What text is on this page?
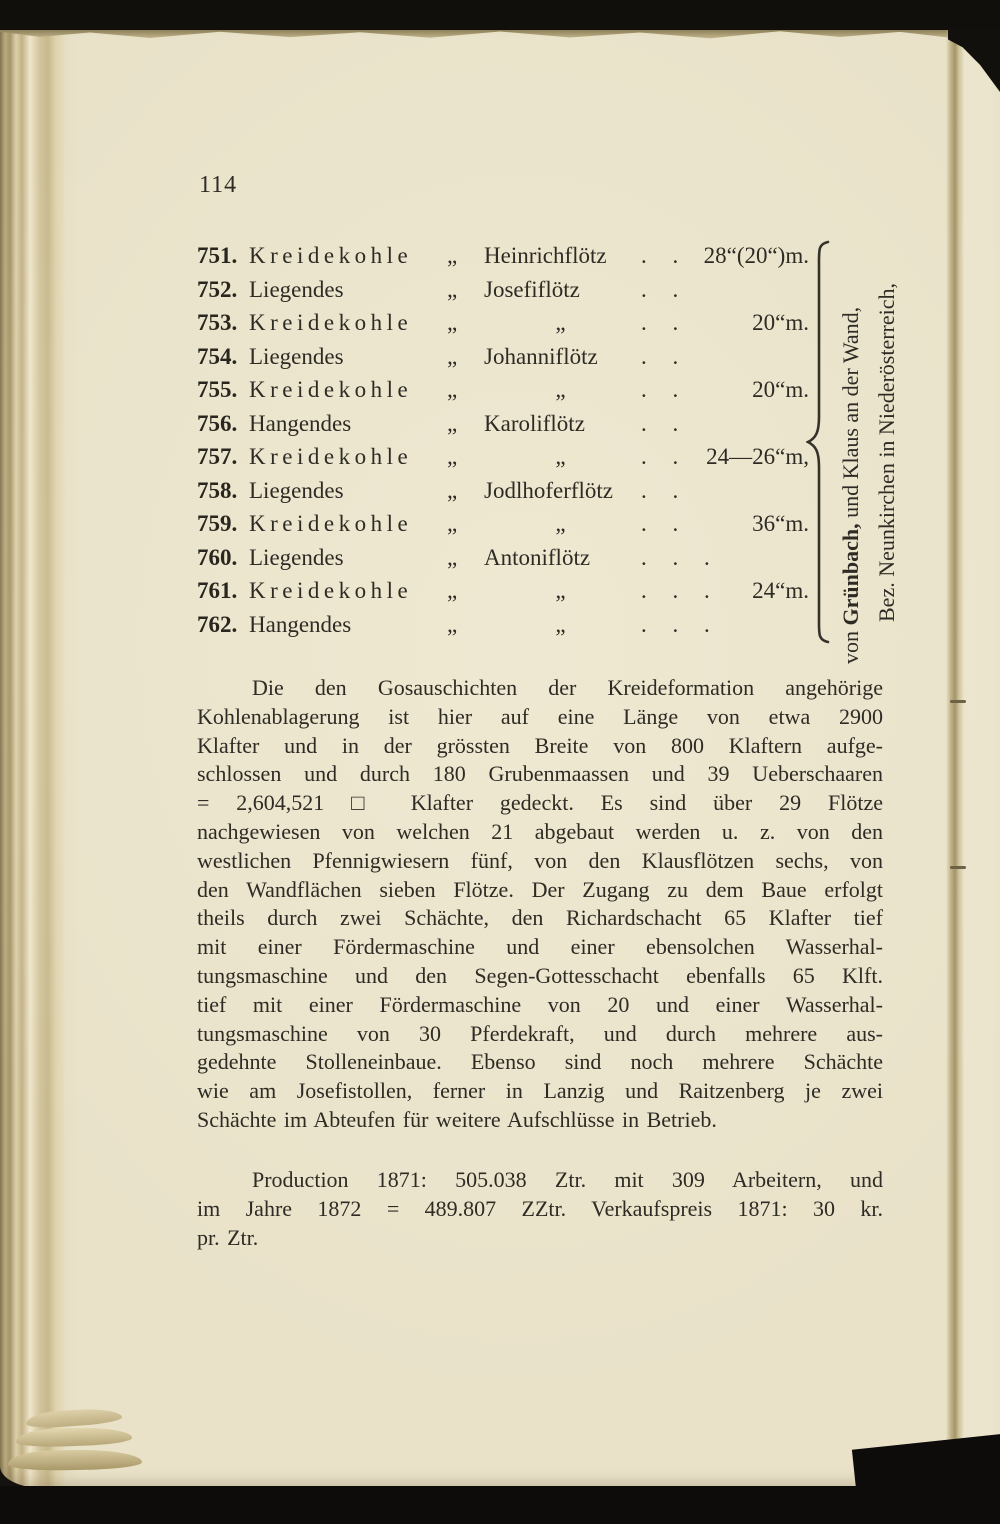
114
751. Kreidekohle	„	Heinrichflötz	. .	28“(20“)m.
752. Liegendes	„	Josefiflötz	. .
753. Kreidekohle	„	„	. .	20“m.
754. Liegendes	„	Johanniflötz	. .
755. Kreidekohle	„	„	. .	20“m.
756. Hangendes	„	Karoliflötz	. .
757. Kreidekohle	„	„	. .	24—26“m,
758. Liegendes	„	Jodlhoferflötz	. .
759. Kreidekohle	„	„	. .	36“m.
760. Liegendes	„	Antoniflötz	. . .
761. Kreidekohle	„	„	. . .	24“m.
762. Hangendes	„	„	. . .
von Grünbach, und Klaus an der Wand, Bez. Neunkirchen in Niederösterreich,
Die den Gosauschichten der Kreideformation angehörige
Kohlenablagerung ist hier auf eine Länge von etwa 2900
Klafter und in der grössten Breite von 800 Klaftern aufge-
schlossen und durch 180 Grubenmaassen und 39 Ueberschaaren
= 2,604,521 □ Klafter gedeckt. Es sind über 29 Flötze
nachgewiesen von welchen 21 abgebaut werden u. z. von den
westlichen Pfennigwiesern fünf, von den Klausflötzen sechs, von
den Wandflächen sieben Flötze. Der Zugang zu dem Baue erfolgt
theils durch zwei Schächte, den Richardschacht 65 Klafter tief
mit einer Fördermaschine und einer ebensolchen Wasserhal-
tungsmaschine und den Segen-Gottesschacht ebenfalls 65 Klft.
tief mit einer Fördermaschine von 20 und einer Wasserhal-
tungsmaschine von 30 Pferdekraft, und durch mehrere aus-
gedehnte Stolleneinbaue. Ebenso sind noch mehrere Schächte
wie am Josefistollen, ferner in Lanzig und Raitzenberg je zwei
Schächte im Abteufen für weitere Aufschlüsse in Betrieb.
Production 1871: 505.038 Ztr. mit 309 Arbeitern, und
im Jahre 1872 = 489.807 ZZtr. Verkaufspreis 1871: 30 kr.
pr. Ztr.
